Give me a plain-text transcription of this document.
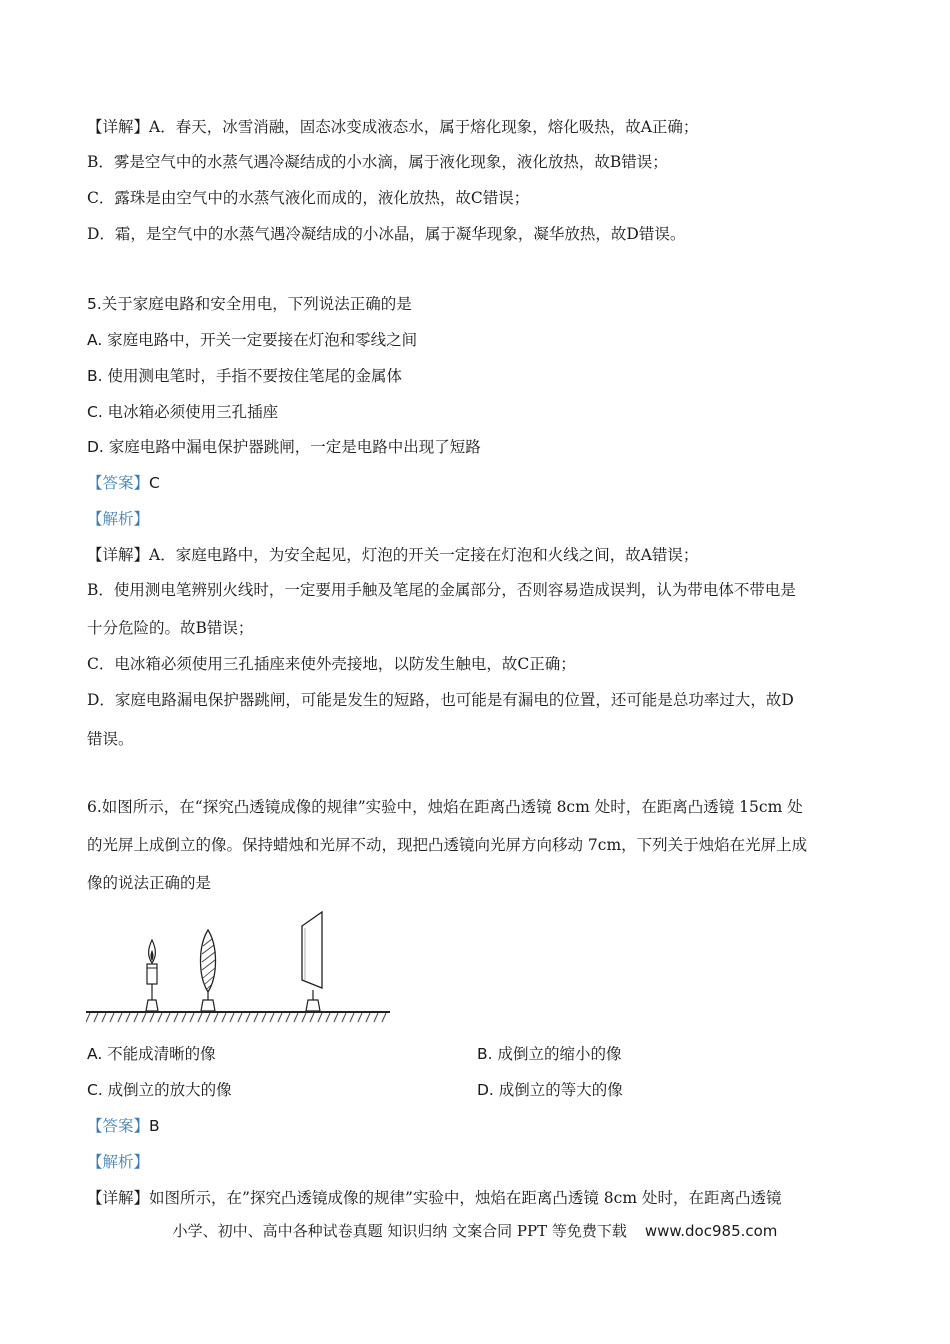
【详解】A．春天，冰雪消融，固态冰变成液态水，属于熔化现象，熔化吸热，故A正确；
B．雾是空气中的水蒸气遇冷凝结成的小水滴，属于液化现象，液化放热，故B错误；
C．露珠是由空气中的水蒸气液化而成的，液化放热，故C错误；
D．霜，是空气中的水蒸气遇冷凝结成的小冰晶，属于凝华现象，凝华放热，故D错误。
5.关于家庭电路和安全用电，下列说法正确的是
A. 家庭电路中，开关一定要接在灯泡和零线之间
B. 使用测电笔时，手指不要按住笔尾的金属体
C. 电冰箱必须使用三孔插座
D. 家庭电路中漏电保护器跳闸，一定是电路中出现了短路
【答案】C
【解析】
【详解】A．家庭电路中，为安全起见，灯泡的开关一定接在灯泡和火线之间，故A错误；
B．使用测电笔辨别火线时，一定要用手触及笔尾的金属部分，否则容易造成误判，认为带电体不带电是
十分危险的。故B错误；
C．电冰箱必须使用三孔插座来使外壳接地，以防发生触电，故C正确；
D．家庭电路漏电保护器跳闸，可能是发生的短路，也可能是有漏电的位置，还可能是总功率过大，故D
错误。
6.如图所示，在“探究凸透镜成像的规律”实验中，烛焰在距离凸透镜 8cm 处时，在距离凸透镜 15cm 处
的光屏上成倒立的像。保持蜡烛和光屏不动，现把凸透镜向光屏方向移动 7cm，下列关于烛焰在光屏上成
像的说法正确的是
A. 不能成清晰的像	B. 成倒立的缩小的像
C. 成倒立的放大的像	D. 成倒立的等大的像
【答案】B
【解析】
【详解】如图所示，在”探究凸透镜成像的规律”实验中，烛焰在距离凸透镜 8cm 处时，在距离凸透镜
小学、初中、高中各种试卷真题 知识归纳 文案合同 PPT 等免费下载 www.doc985.com
